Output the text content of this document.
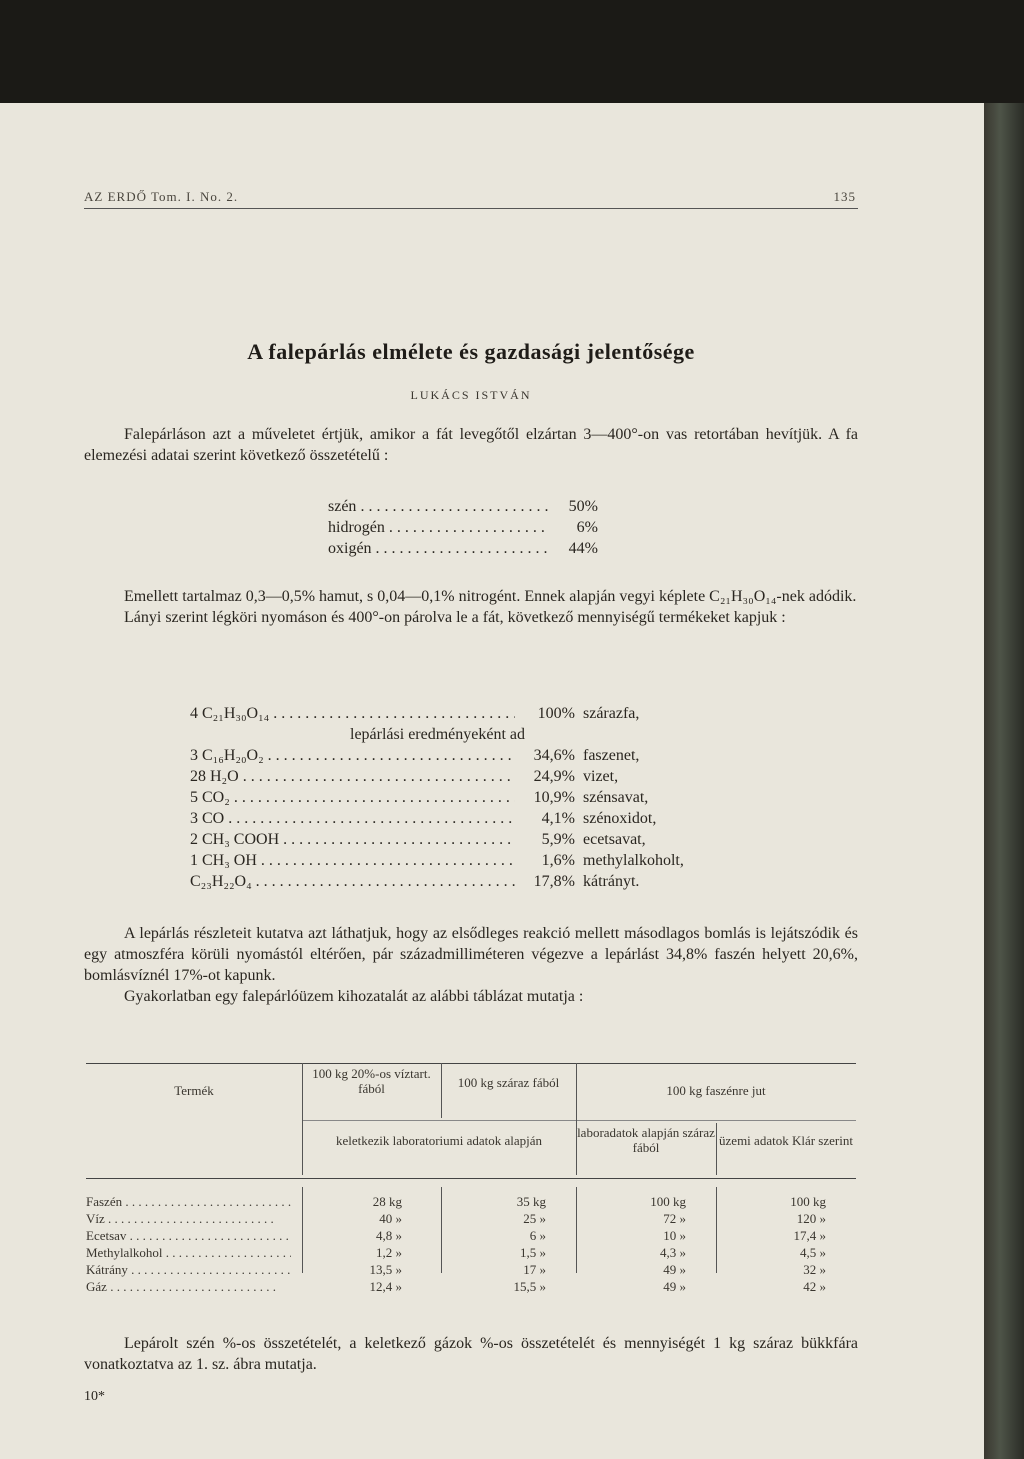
AZ ERDŐ Tom. I. No. 2.	135
A falepárlás elmélete és gazdasági jelentősége
LUKÁCS ISTVÁN
Falepárláson azt a műveletet értjük, amikor a fát levegőtől elzártan 3—400°-on vas retortában hevítjük. A fa elemezési adatai szerint következő összetételű :
szén . . .	50%
hidrogén . . .	6%
oxigén . . .	44%
Emellett tartalmaz 0,3—0,5% hamut, s 0,04—0,1% nitrogént. Ennek alapján vegyi képlete C₂₁H₃₀O₁₄-nek adódik.
Lányi szerint légköri nyomáson és 400°-on párolva le a fát, következő mennyiségű termékeket kapjuk :
4 C₂₁H₃₀O₁₄ . . .	100% szárazfa,
lepárlási eredményeként ad
3 C₁₆H₂₀O₂ . . .	34,6% faszenet,
28 H₂O . . .	24,9% vizet,
5 CO₂ . . .	10,9% szénsavat,
3 CO . . .	4,1% szénoxidot,
2 CH₃ COOH . . .	5,9% ecetsavat,
1 CH₃ OH . . .	1,6% methylalkoholt,
C₂₃H₂₂O₄ . . .	17,8% kátrányt.
A lepárlás részleteit kutatva azt láthatjuk, hogy az elsődleges reakció mellett másodlagos bomlás is lejátszódik és egy atmoszféra körüli nyomástól eltérően, pár századmilliméteren végezve a lepárlást 34,8% faszén helyett 20,6%, bomlásvíznél 17%-ot kapunk.
Gyakorlatban egy falepárlóüzem kihozatalát az alábbi táblázat mutatja :
Termék
100 kg 20%-os víztart. fából	100 kg száraz fából
100 kg faszénre jut
keletkezik laboratoriumi adatok alapján
laboradatok alapján száraz fából	üzemi adatok Klár szerint
Faszén . . .	28 kg	35 kg	100 kg	100 kg
Víz . . .	40 »	25 »	72 »	120 »
Ecetsav . . .	4,8 »	6 »	10 »	17,4 »
Methylalkohol . . .	1,2 »	1,5 »	4,3 »	4,5 »
Kátrány . . .	13,5 »	17 »	49 »	32 »
Gáz . . .	12,4 »	15,5 »	49 »	42 »
Lepárolt szén %-os összetételét, a keletkező gázok %-os összetételét és mennyiségét 1 kg száraz bükkfára vonatkoztatva az 1. sz. ábra mutatja.
10*
